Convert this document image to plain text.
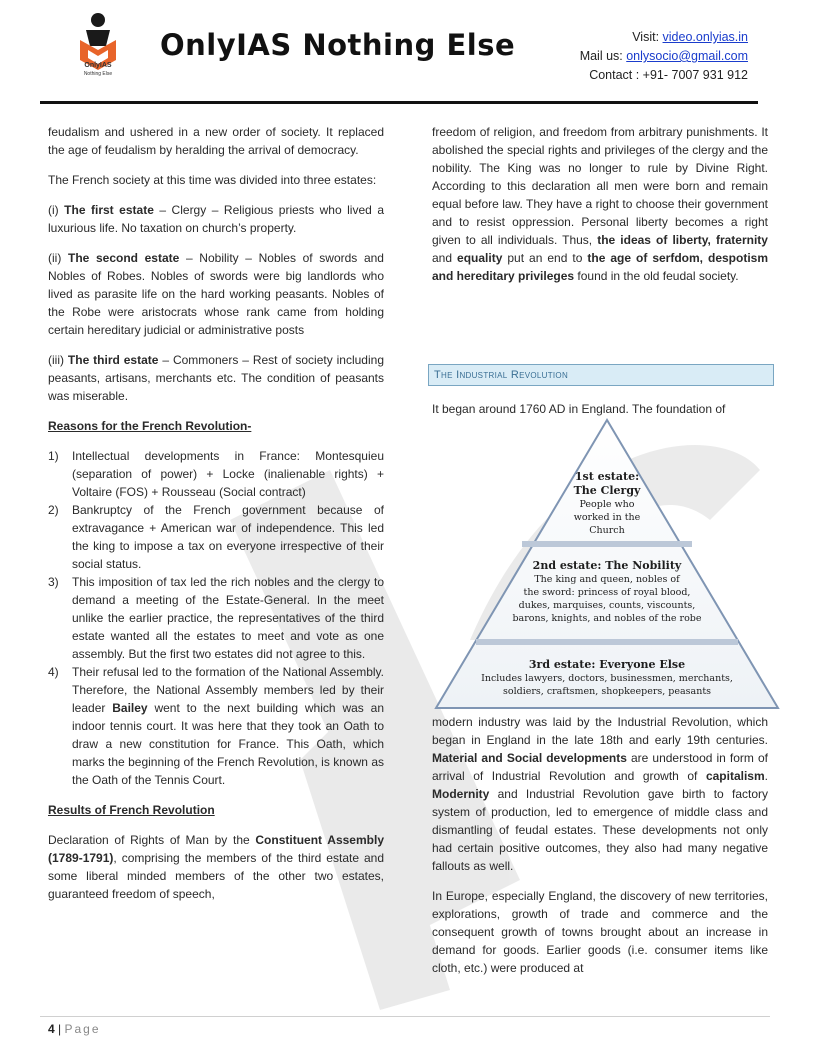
OnlyIAS
Nothing Else
OnlyIAS Nothing Else	Visit: video.onlyias.in
Mail us: onlysocio@gmail.com
Contact : +91- 7007 931 912

feudalism and ushered in a new order of society. It replaced the age of feudalism by heralding the arrival of democracy.

The French society at this time was divided into three estates:

(i) The first estate – Clergy – Religious priests who lived a luxurious life. No taxation on church’s property.

(ii) The second estate – Nobility – Nobles of swords and Nobles of Robes. Nobles of swords were big landlords who lived as parasite life on the hard working peasants. Nobles of the Robe were aristocrats whose rank came from holding certain hereditary judicial or administrative posts

(iii) The third estate – Commoners – Rest of society including peasants, artisans, merchants etc. The condition of peasants was miserable.

Reasons for the French Revolution-

1) Intellectual developments in France: Montesquieu (separation of power) + Locke (inalienable rights) + Voltaire (FOS) + Rousseau (Social contract)
2) Bankruptcy of the French government because of extravagance + American war of independence. This led the king to impose a tax on everyone irrespective of their social status.
3) This imposition of tax led the rich nobles and the clergy to demand a meeting of the Estate-General. In the meet unlike the earlier practice, the representatives of the third estate wanted all the estates to meet and vote as one assembly. But the first two estates did not agree to this.
4) Their refusal led to the formation of the National Assembly. Therefore, the National Assembly members led by their leader Bailey went to the next building which was an indoor tennis court. It was here that they took an Oath to draw a new constitution for France. This Oath, which marks the beginning of the French Revolution, is known as the Oath of the Tennis Court.

Results of French Revolution

Declaration of Rights of Man by the Constituent Assembly (1789-1791), comprising the members of the third estate and some liberal minded members of the other two estates, guaranteed freedom of speech,

freedom of religion, and freedom from arbitrary punishments. It abolished the special rights and privileges of the clergy and the nobility. The King was no longer to rule by Divine Right. According to this declaration all men were born and remain equal before law. They have a right to choose their government and to resist oppression. Personal liberty becomes a right given to all individuals. Thus, the ideas of liberty, fraternity and equality put an end to the age of serfdom, despotism and hereditary privileges found in the old feudal society.

The Industrial Revolution

It began around 1760 AD in England. The foundation of

1st estate:
The Clergy
People who
worked in the
Church
2nd estate: The Nobility
The king and queen, nobles of
the sword: princess of royal blood,
dukes, marquises, counts, viscounts,
barons, knights, and nobles of the robe
3rd estate: Everyone Else
Includes lawyers, doctors, businessmen, merchants,
soldiers, craftsmen, shopkeepers, peasants

modern industry was laid by the Industrial Revolution, which began in England in the late 18th and early 19th centuries. Material and Social developments are understood in form of arrival of Industrial Revolution and growth of capitalism. Modernity and Industrial Revolution gave birth to factory system of production, led to emergence of middle class and dismantling of feudal estates. These developments not only had certain positive outcomes, they also had many negative fallouts as well.

In Europe, especially England, the discovery of new territories, explorations, growth of trade and commerce and the consequent growth of towns brought about an increase in demand for goods. Earlier goods (i.e. consumer items like cloth, etc.) were produced at

4 | Page
